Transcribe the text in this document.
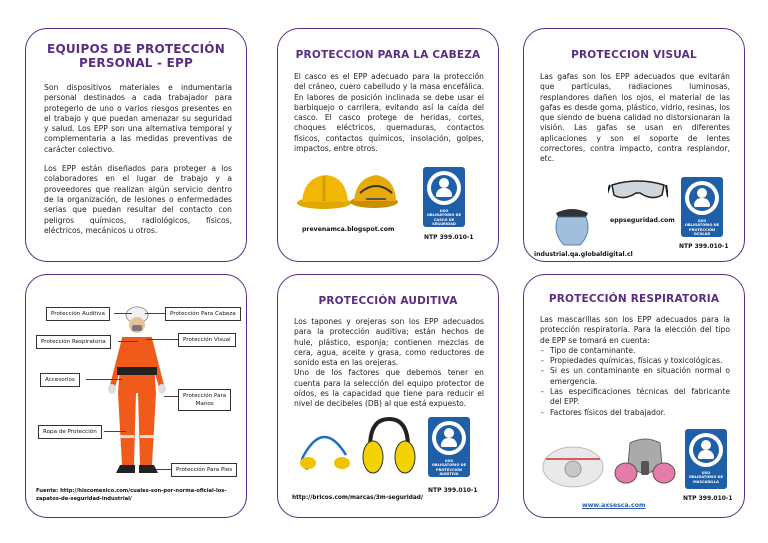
EQUIPOS DE PROTECCIÓN
PERSONAL - EPP

Son dispositivos materiales e indumentaria personal destinados a cada trabajador para protegerlo de uno o varios riesgos presentes en el trabajo y que puedan amenazar su seguridad y salud. Los EPP son una alternativa temporal y complementaria a las medidas preventivas de carácter colectivo.

Los EPP están diseñados para proteger a los colaboradores en el lugar de trabajo y a proveedores que realizan algún servicio dentro de la organización, de lesiones o enfermedades serias que puedan resultar del contacto con peligros químicos, radiológicos, físicos, eléctricos, mecánicos u otros.

PROTECCION PARA LA CABEZA
El casco es el EPP adecuado para la protección del cráneo, cuero cabelludo y la masa encefálica. En labores de posición inclinada se debe usar el barbiquejo o carrilera, evitando así la caída del casco. El casco protege de heridas, cortes, choques eléctricos, quemaduras, contactos físicos, contactos químicos, insolación, golpes, impactos, entre otros.
USO OBLIGATORIO DE CASCO DE SEGURIDAD
prevenamca.blogspot.com
NTP 399.010-1
PROTECCION VISUAL
Las gafas son los EPP adecuados que evitarán que partículas, radiaciones luminosas, resplandores dañen los ojos, el material de las gafas es desde goma, plástico, vidrio, resinas, los que siendo de buena calidad no distorsionaran la visión. Las gafas se usan en diferentes aplicaciones y son el soporte de lentes correctores, contra impacto, contra resplandor, etc.
eppseguridad.com	USO OBLIGATORIO DE PROTECCIÓN OCULAR
NTP 399.010-1
industrial.qa.globaldigital.cl
Protección Auditiva	Protección Para Cabeza
Protección Respiratoria	Protección Visual
Accesorios
Protección Para
Manos
Ropa de Protección
Protección Para Pies
Fuente: http://hiscomexico.com/cuales-son-por-norma-oficial-los-
zapatos-de-seguridad-industrial/
PROTECCIÓN AUDITIVA
Los tapones y orejeras son los EPP adecuados para la protección auditiva; están hechos de hule, plástico, esponja; contienen mezclas de cera, agua, aceite y grasa, como reductores de sonido esta en las orejeras.
Uno de los factores que debemos tener en cuenta para la selección del equipo protector de oídos, es la capacidad que tiene para reducir el nivel de decibeles (DB) al que está expuesto.
USO OBLIGATORIO DE PROTECCIÓN AUDITIVA
NTP 399.010-1
http://bricos.com/marcas/3m-seguridad/
PROTECCIÓN RESPIRATORIA
Las mascarillas son los EPP adecuados para la protección respiratoria. Para la elección del tipo de EPP se tomará en cuenta:
- Tipo de contaminante.
- Propiedades químicas, físicas y toxicológicas.
- Si es un contaminante en situación normal o emergencia.
- Las especificaciones técnicas del fabricante del EPP.
- Factores físicos del trabajador.
USO OBLIGATORIO DE MASCARILLA
NTP 399.010-1
www.axsesca.com
